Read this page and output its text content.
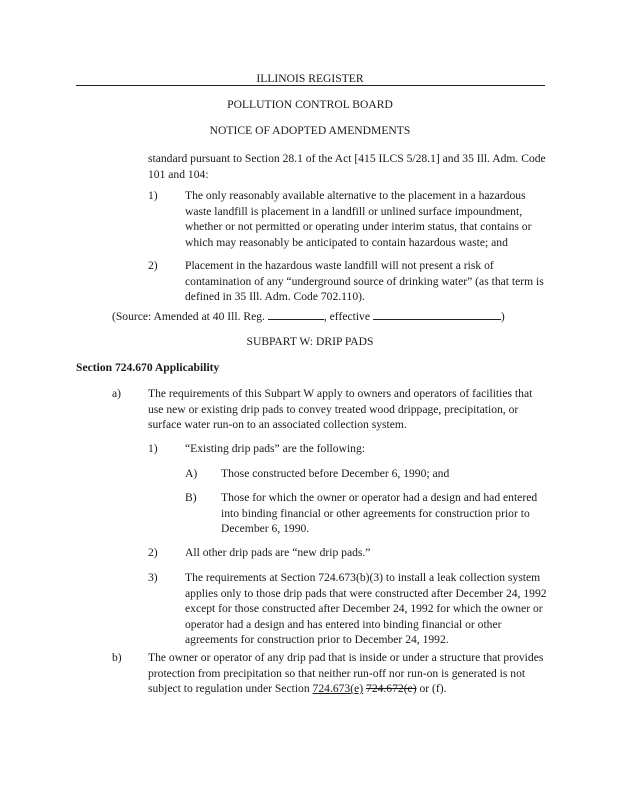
ILLINOIS REGISTER
POLLUTION CONTROL BOARD
NOTICE OF ADOPTED AMENDMENTS
standard pursuant to Section 28.1 of the Act [415 ILCS 5/28.1] and 35 Ill. Adm. Code 101 and 104:
1) The only reasonably available alternative to the placement in a hazardous waste landfill is placement in a landfill or unlined surface impoundment, whether or not permitted or operating under interim status, that contains or which may reasonably be anticipated to contain hazardous waste; and
2) Placement in the hazardous waste landfill will not present a risk of contamination of any “underground source of drinking water” (as that term is defined in 35 Ill. Adm. Code 702.110).
(Source: Amended at 40 Ill. Reg.	, effective	)
SUBPART W: DRIP PADS
Section 724.670 Applicability
a) The requirements of this Subpart W apply to owners and operators of facilities that use new or existing drip pads to convey treated wood drippage, precipitation, or surface water run-on to an associated collection system.
1) “Existing drip pads” are the following:
A) Those constructed before December 6, 1990; and
B) Those for which the owner or operator had a design and had entered into binding financial or other agreements for construction prior to December 6, 1990.
2) All other drip pads are “new drip pads.”
3) The requirements at Section 724.673(b)(3) to install a leak collection system applies only to those drip pads that were constructed after December 24, 1992 except for those constructed after December 24, 1992 for which the owner or operator had a design and has entered into binding financial or other agreements for construction prior to December 24, 1992.
b) The owner or operator of any drip pad that is inside or under a structure that provides protection from precipitation so that neither run-off nor run-on is generated is not subject to regulation under Section 724.673(e) 724.672(e) or (f).
